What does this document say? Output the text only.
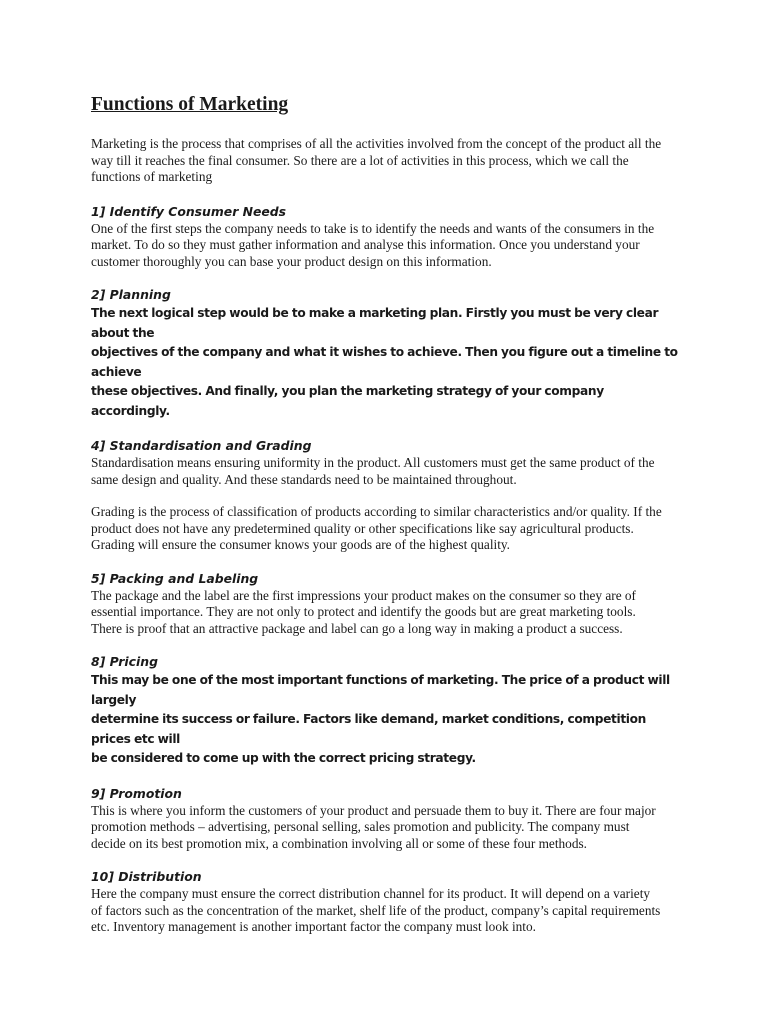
Functions of Marketing

Marketing is the process that comprises of all the activities involved from the concept of the product all the
way till it reaches the final consumer. So there are a lot of activities in this process, which we call the
functions of marketing

1] Identify Consumer Needs

One of the first steps the company needs to take is to identify the needs and wants of the consumers in the
market. To do so they must gather information and analyse this information. Once you understand your
customer thoroughly you can base your product design on this information.

2] Planning

The next logical step would be to make a marketing plan. Firstly you must be very clear about the
objectives of the company and what it wishes to achieve. Then you figure out a timeline to achieve
these objectives. And finally, you plan the marketing strategy of your company accordingly.

4] Standardisation and Grading

Standardisation means ensuring uniformity in the product. All customers must get the same product of the
same design and quality. And these standards need to be maintained throughout.

Grading is the process of classification of products according to similar characteristics and/or quality. If the
product does not have any predetermined quality or other specifications like say agricultural products.
Grading will ensure the consumer knows your goods are of the highest quality.

5] Packing and Labeling

The package and the label are the first impressions your product makes on the consumer so they are of
essential importance. They are not only to protect and identify the goods but are great marketing tools.
There is proof that an attractive package and label can go a long way in making a product a success.

8] Pricing

This may be one of the most important functions of marketing. The price of a product will largely
determine its success or failure. Factors like demand, market conditions, competition prices etc will
be considered to come up with the correct pricing strategy.

9] Promotion

This is where you inform the customers of your product and persuade them to buy it. There are four major
promotion methods – advertising, personal selling, sales promotion and publicity. The company must
decide on its best promotion mix, a combination involving all or some of these four methods.

10] Distribution

Here the company must ensure the correct distribution channel for its product. It will depend on a variety
of factors such as the concentration of the market, shelf life of the product, company’s capital requirements
etc. Inventory management is another important factor the company must look into.
